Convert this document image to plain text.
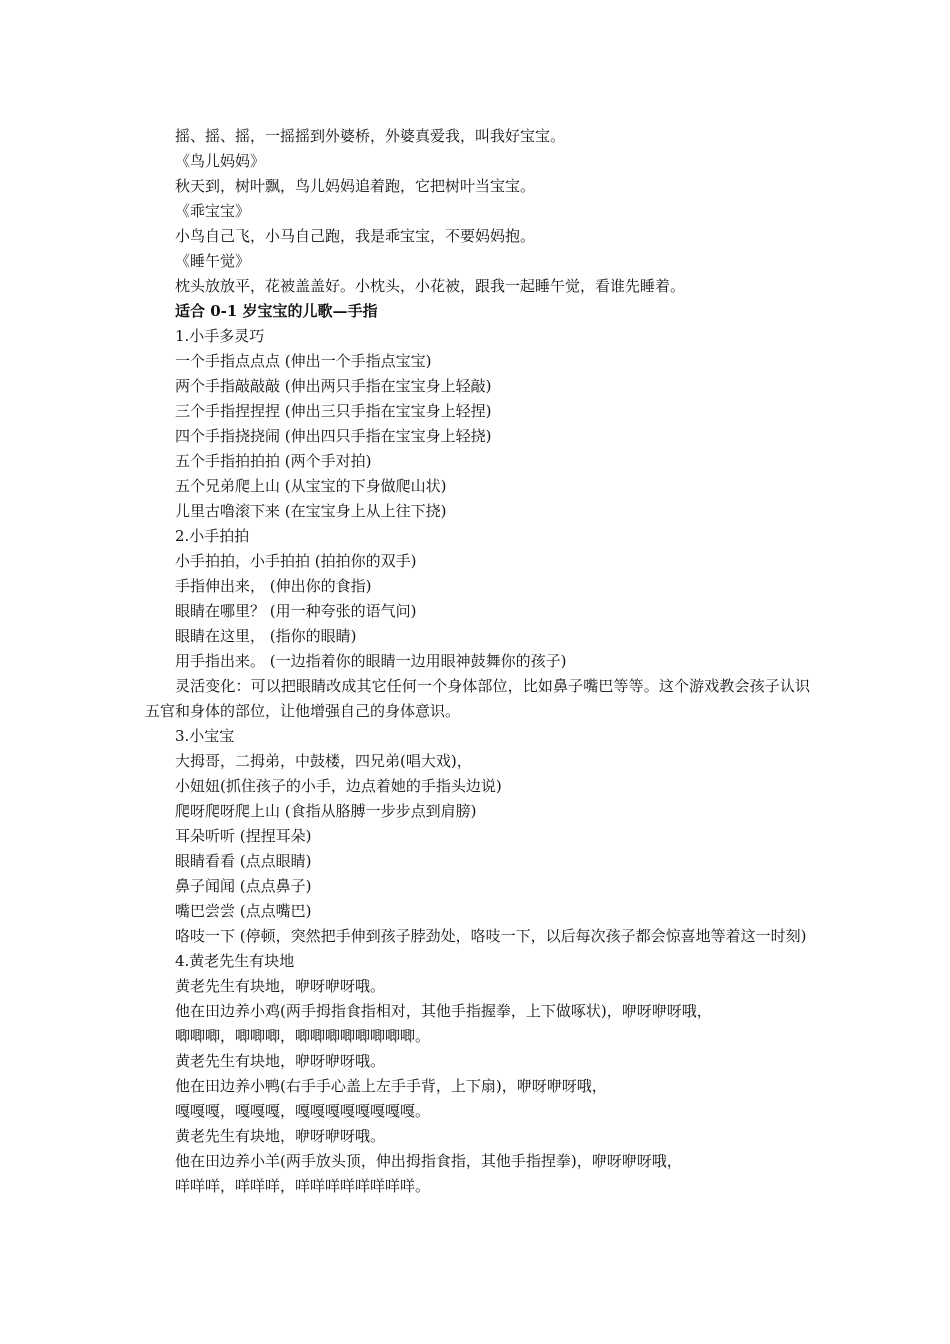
摇、摇、摇，一摇摇到外婆桥，外婆真爱我，叫我好宝宝。
《鸟儿妈妈》
秋天到，树叶飘，鸟儿妈妈追着跑，它把树叶当宝宝。
《乖宝宝》
小鸟自己飞，小马自己跑，我是乖宝宝，不要妈妈抱。
《睡午觉》
枕头放放平，花被盖盖好。小枕头，小花被，跟我一起睡午觉，看谁先睡着。
适合 0-1 岁宝宝的儿歌—手指
1.小手多灵巧
一个手指点点点 (伸出一个手指点宝宝)
两个手指敲敲敲 (伸出两只手指在宝宝身上轻敲)
三个手指捏捏捏 (伸出三只手指在宝宝身上轻捏)
四个手指挠挠闹 (伸出四只手指在宝宝身上轻挠)
五个手指拍拍拍 (两个手对拍)
五个兄弟爬上山 (从宝宝的下身做爬山状)
儿里古噜滚下来 (在宝宝身上从上往下挠)
2.小手拍拍
小手拍拍，小手拍拍 (拍拍你的双手)
手指伸出来， (伸出你的食指)
眼睛在哪里？ (用一种夸张的语气问)
眼睛在这里， (指你的眼睛)
用手指出来。 (一边指着你的眼睛一边用眼神鼓舞你的孩子)
灵活变化：可以把眼睛改成其它任何一个身体部位，比如鼻子嘴巴等等。这个游戏教会孩子认识五官和身体的部位，让他增强自己的身体意识。
3.小宝宝
大拇哥，二拇弟，中鼓楼，四兄弟(唱大戏)，
小妞妞(抓住孩子的小手，边点着她的手指头边说)
爬呀爬呀爬上山 (食指从胳膊一步步点到肩膀)
耳朵听听 (捏捏耳朵)
眼睛看看 (点点眼睛)
鼻子闻闻 (点点鼻子)
嘴巴尝尝 (点点嘴巴)
咯吱一下 (停顿，突然把手伸到孩子脖劲处，咯吱一下，以后每次孩子都会惊喜地等着这一时刻)
4.黄老先生有块地
黄老先生有块地，咿呀咿呀哦。
他在田边养小鸡(两手拇指食指相对，其他手指握拳，上下做啄状)，咿呀咿呀哦，
唧唧唧，唧唧唧，唧唧唧唧唧唧唧唧。
黄老先生有块地，咿呀咿呀哦。
他在田边养小鸭(右手手心盖上左手手背，上下扇)，咿呀咿呀哦，
嘎嘎嘎，嘎嘎嘎，嘎嘎嘎嘎嘎嘎嘎嘎。
黄老先生有块地，咿呀咿呀哦。
他在田边养小羊(两手放头顶，伸出拇指食指，其他手指捏拳)，咿呀咿呀哦，
咩咩咩，咩咩咩，咩咩咩咩咩咩咩咩。
